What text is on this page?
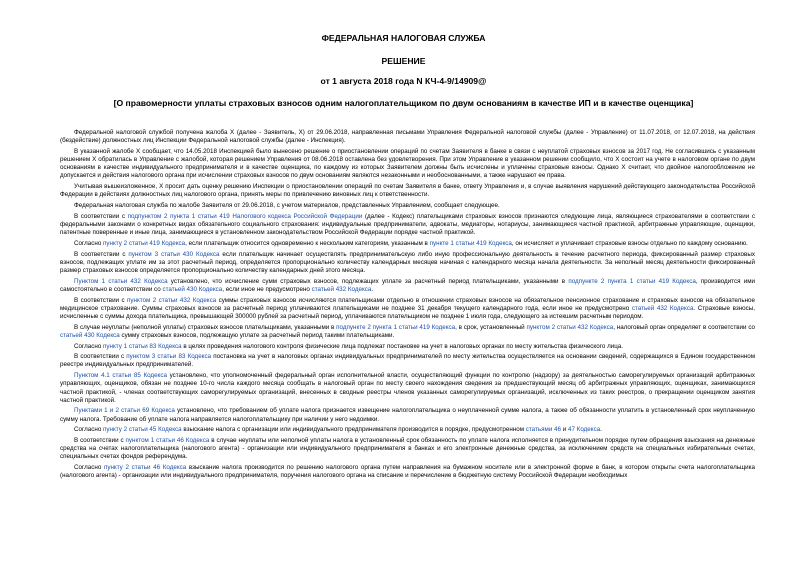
ФЕДЕРАЛЬНАЯ НАЛОГОВАЯ СЛУЖБА
РЕШЕНИЕ
от 1 августа 2018 года N КЧ-4-9/14909@
[О правомерности уплаты страховых взносов одним налогоплательщиком по двум основаниям в качестве ИП и в качестве оценщика]

Федеральной налоговой службой получена жалоба X (далее - Заявитель, X) от 29.06.2018, направленная письмами Управления Федеральной налоговой службы (далее - Управление) от 11.07.2018, от 12.07.2018, на действия (бездействие) должностных лиц Инспекции Федеральной налоговой службы (далее - Инспекция).

В указанной жалобе X сообщает, что 14.05.2018 Инспекцией было вынесено решение о приостановлении операций по счетам Заявителя в банке в связи с неуплатой страховых взносов за 2017 год. Не согласившись с указанным решением X обратилась в Управление с жалобой, которая решением Управления от 08.06.2018 оставлена без удовлетворения. При этом Управление в указанном решении сообщило, что X состоит на учете в налоговом органе по двум основаниям в качестве индивидуального предпринимателя и в качестве оценщика, по каждому из которых Заявителем должны быть исчислены и уплачены страховые взносы. Однако X считает, что двойное налогообложение не допускается и действия налогового органа при исчислении страховых взносов по двум основаниям являются незаконными и необоснованными, а также нарушают ее права.

Учитывая вышеизложенное, X просит дать оценку решению Инспекции о приостановлении операций по счетам Заявителя в банке, ответу Управления и, в случае выявления нарушений действующего законодательства Российской Федерации в действиях должностных лиц налогового органа, принять меры по привлечению виновных лиц к ответственности.

Федеральная налоговая служба по жалобе Заявителя от 29.06.2018, с учетом материалов, представленных Управлением, сообщает следующее.

В соответствии с подпунктом 2 пункта 1 статьи 419 Налогового кодекса Российской Федерации (далее - Кодекс) плательщиками страховых взносов признаются следующие лица, являющиеся страхователями в соответствии с федеральными законами о конкретных видах обязательного социального страхования: индивидуальные предприниматели, адвокаты, медиаторы, нотариусы, занимающиеся частной практикой, арбитражные управляющие, оценщики, патентные поверенные и иные лица, занимающиеся в установленном законодательством Российской Федерации порядке частной практикой.

Согласно пункту 2 статьи 419 Кодекса, если плательщик относится одновременно к нескольким категориям, указанным в пункте 1 статьи 419 Кодекса, он исчисляет и уплачивает страховые взносы отдельно по каждому основанию.

В соответствии с пунктом 3 статьи 430 Кодекса если плательщик начинает осуществлять предпринимательскую либо иную профессиональную деятельность в течение расчетного периода, фиксированный размер страховых взносов, подлежащих уплате им за этот расчетный период, определяется пропорционально количеству календарных месяцев начиная с календарного месяца начала деятельности. За неполный месяц деятельности фиксированный размер страховых взносов определяется пропорционально количеству календарных дней этого месяца.

Пунктом 1 статьи 432 Кодекса установлено, что исчисление сумм страховых взносов, подлежащих уплате за расчетный период плательщиками, указанными в подпункте 2 пункта 1 статьи 419 Кодекса, производится ими самостоятельно в соответствии со статьей 430 Кодекса, если иное не предусмотрено статьей 432 Кодекса.

В соответствии с пунктом 2 статьи 432 Кодекса суммы страховых взносов исчисляются плательщиками отдельно в отношении страховых взносов на обязательное пенсионное страхование и страховых взносов на обязательное медицинское страхование. Суммы страховых взносов за расчетный период уплачиваются плательщиками не позднее 31 декабря текущего календарного года, если иное не предусмотрено статьей 432 Кодекса. Страховые взносы, исчисленные с суммы дохода плательщика, превышающей 300000 рублей за расчетный период, уплачиваются плательщиком не позднее 1 июля года, следующего за истекшим расчетным периодом.

В случае неуплаты (неполной уплаты) страховых взносов плательщиками, указанными в подпункте 2 пункта 1 статьи 419 Кодекса, в срок, установленный пунктом 2 статьи 432 Кодекса, налоговый орган определяет в соответствии со статьей 430 Кодекса сумму страховых взносов, подлежащую уплате за расчетный период такими плательщиками.

Согласно пункту 1 статьи 83 Кодекса в целях проведения налогового контроля физические лица подлежат постановке на учет в налоговых органах по месту жительства физического лица.

В соответствии с пунктом 3 статьи 83 Кодекса постановка на учет в налоговых органах индивидуальных предпринимателей по месту жительства осуществляется на основании сведений, содержащихся в Едином государственном реестре индивидуальных предпринимателей.

Пунктом 4.1 статьи 85 Кодекса установлено, что уполномоченный федеральный орган исполнительной власти, осуществляющий функции по контролю (надзору) за деятельностью саморегулируемых организаций арбитражных управляющих, оценщиков, обязан не позднее 10-го числа каждого месяца сообщать в налоговый орган по месту своего нахождения сведения за предшествующий месяц об арбитражных управляющих, оценщиках, занимающихся частной практикой, - членах соответствующих саморегулируемых организаций, внесенных в сводные реестры членов указанных саморегулируемых организаций, исключенных из таких реестров, о прекращении оценщиком занятия частной практикой.

Пунктами 1 и 2 статьи 69 Кодекса установлено, что требованием об уплате налога признается извещение налогоплательщика о неуплаченной сумме налога, а также об обязанности уплатить в установленный срок неуплаченную сумму налога. Требование об уплате налога направляется налогоплательщику при наличии у него недоимки.

Согласно пункту 2 статьи 45 Кодекса взыскание налога с организации или индивидуального предпринимателя производится в порядке, предусмотренном статьями 46 и 47 Кодекса.

В соответствии с пунктом 1 статьи 46 Кодекса в случае неуплаты или неполной уплаты налога в установленный срок обязанность по уплате налога исполняется в принудительном порядке путем обращения взыскания на денежные средства на счетах налогоплательщика (налогового агента) - организации или индивидуального предпринимателя в банках и его электронные денежные средства, за исключением средств на специальных избирательных счетах, специальных счетах фондов референдума.

Согласно пункту 2 статьи 46 Кодекса взыскание налога производится по решению налогового органа путем направления на бумажном носителе или в электронной форме в банк, в котором открыты счета налогоплательщика (налогового агента) - организации или индивидуального предпринимателя, поручения налогового органа на списание и перечисление в бюджетную систему Российской Федерации необходимых
